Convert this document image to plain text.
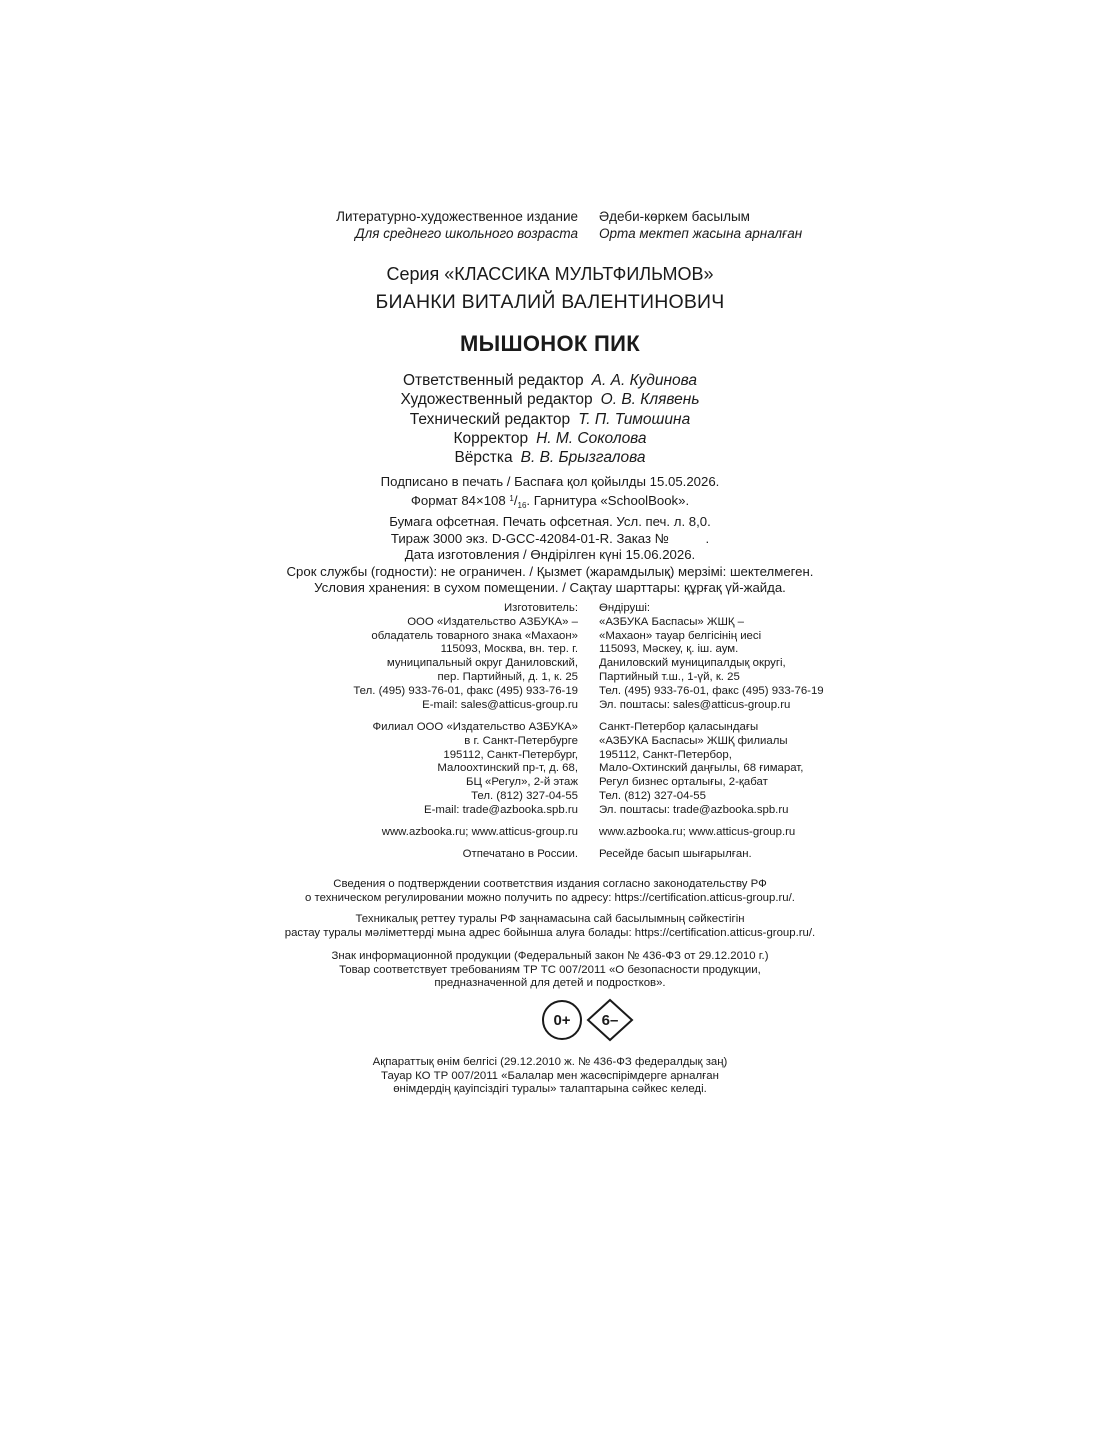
Литературно-художественное издание
Для среднего школьного возраста
Әдеби-көркем басылым
Орта мектеп жасына арналған
Серия «КЛАССИКА МУЛЬТФИЛЬМОВ»
БИАНКИ ВИТАЛИЙ ВАЛЕНТИНОВИЧ
МЫШОНОК ПИК
Ответственный редактор А. А. Кудинова
Художественный редактор О. В. Клявень
Технический редактор Т. П. Тимошина
Корректор Н. М. Соколова
Вёрстка В. В. Брызгалова
Подписано в печать / Баспаға қол қойылды 15.05.2026.
Формат 84×108 $^1/_{16}$. Гарнитура «SchoolBook».
Бумага офсетная. Печать офсетная. Усл. печ. л. 8,0.
Тираж 3000 экз. D-GCC-42084-01-R. Заказ №          .
Дата изготовления / Өндірілген күні 15.06.2026.
Срок службы (годности): не ограничен. / Қызмет (жарамдылық) мерзімі: шектелмеген.
Условия хранения: в сухом помещении. / Сақтау шарттары: құрғақ үй-жайда.
Изготовитель:
ООО «Издательство АЗБУКА» –
обладатель товарного знака «Махаон»
115093, Москва, вн. тер. г.
муниципальный округ Даниловский,
пер. Партийный, д. 1, к. 25
Тел. (495) 933-76-01, факс (495) 933-76-19
E-mail: sales@atticus-group.ru
Өндіруші:
«АЗБУКА Баспасы» ЖШҚ –
«Махаон» тауар белгісінің иесі
115093, Мәскеу, қ. іш. аум.
Даниловский муниципалдық округі,
Партийный т.ш., 1-үй, к. 25
Тел. (495) 933-76-01, факс (495) 933-76-19
Эл. поштасы: sales@atticus-group.ru
Филиал ООО «Издательство АЗБУКА»
в г. Санкт-Петербурге
195112, Санкт-Петербург,
Малоохтинский пр-т, д. 68,
БЦ «Регул», 2-й этаж
Тел. (812) 327-04-55
E-mail: trade@azbooka.spb.ru
Санкт-Петербор қаласындағы
«АЗБУКА Баспасы» ЖШҚ филиалы
195112, Санкт-Петербор,
Мало-Охтинский даңғылы, 68 ғимарат,
Регул бизнес орталығы, 2-қабат
Тел. (812) 327-04-55
Эл. поштасы: trade@azbooka.spb.ru
www.azbooka.ru; www.atticus-group.ru www.azbooka.ru; www.atticus-group.ru
Отпечатано в России. Ресейде басып шығарылған.
Сведения о подтверждении соответствия издания согласно законодательству РФ
о техническом регулировании можно получить по адресу: https://certification.atticus-group.ru/.
Техникалық реттеу туралы РФ заңнамасына сай басылымның сәйкестігін
растау туралы мәліметтерді мына адрес бойынша алуға болады: https://certification.atticus-group.ru/.
Знак информационной продукции (Федеральный закон № 436-ФЗ от 29.12.2010 г.)
Товар соответствует требованиям ТР ТС 007/2011 «О безопасности продукции,
предназначенной для детей и подростков».
0+	6–
Ақпараттық өнім белгісі (29.12.2010 ж. № 436-ФЗ федералдық заң)
Тауар КО ТР 007/2011 «Балалар мен жасөспірімдерге арналған
өнімдердің қауіпсіздігі туралы» талаптарына сәйкес келеді.
